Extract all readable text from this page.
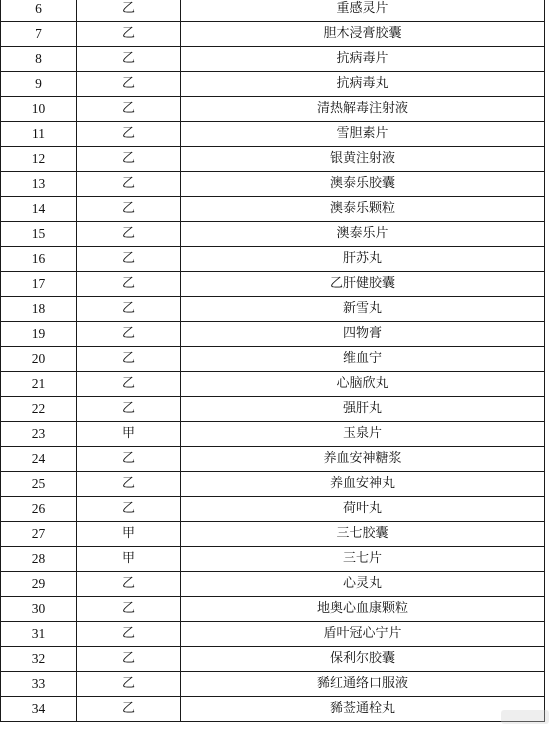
6	乙	重感灵片
7	乙	胆木浸膏胶囊
8	乙	抗病毒片
9	乙	抗病毒丸
10	乙	清热解毒注射液
11	乙	雪胆素片
12	乙	银黄注射液
13	乙	澳泰乐胶囊
14	乙	澳泰乐颗粒
15	乙	澳泰乐片
16	乙	肝苏丸
17	乙	乙肝健胶囊
18	乙	新雪丸
19	乙	四物膏
20	乙	维血宁
21	乙	心脑欣丸
22	乙	强肝丸
23	甲	玉泉片
24	乙	养血安神糖浆
25	乙	养血安神丸
26	乙	荷叶丸
27	甲	三七胶囊
28	甲	三七片
29	乙	心灵丸
30	乙	地奥心血康颗粒
31	乙	盾叶冠心宁片
32	乙	保利尔胶囊
33	乙	豨红通络口服液
34	乙	豨莶通栓丸
